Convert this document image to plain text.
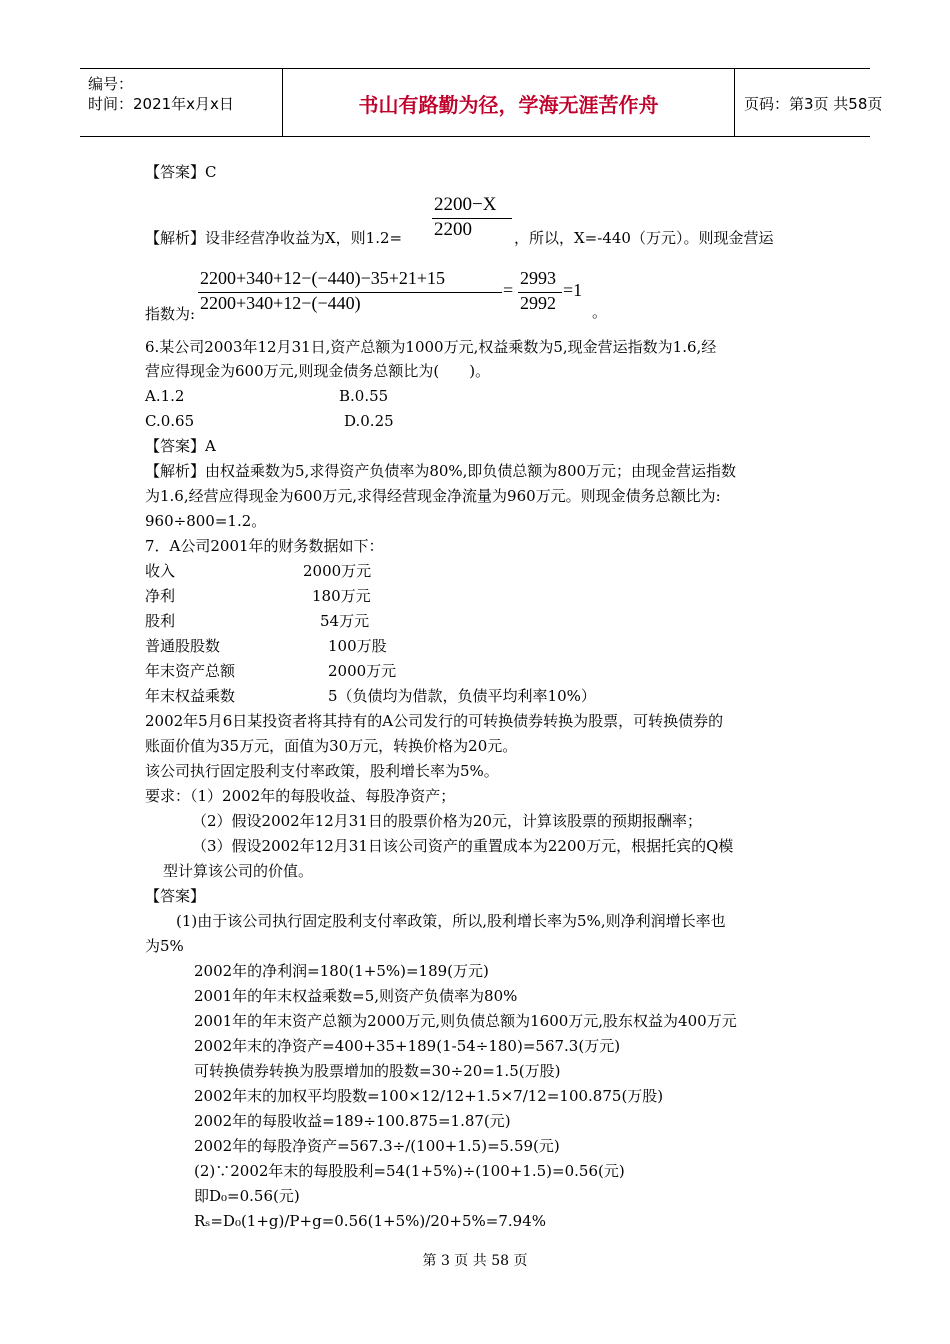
编号：
时间：2021年x月x日	书山有路勤为径，学海无涯苦作舟	页码：第3页 共58页
【答案】C
2200−X
2200
【解析】设非经营净收益为X，则1.2=	，所以，X=-440（万元）。则现金营运
2200+340+12−(−440)−35+21+15
2200+340+12−(−440)
=
2993
2992
=1
指数为:	。
6.某公司2003年12月31日,资产总额为1000万元,权益乘数为5,现金营运指数为1.6,经
营应得现金为600万元,则现金债务总额比为(　　)。
A.1.2	B.0.55
C.0.65	D.0.25
【答案】A
【解析】由权益乘数为5,求得资产负债率为80%,即负债总额为800万元；由现金营运指数
为1.6,经营应得现金为600万元,求得经营现金净流量为960万元。则现金债务总额比为:
960÷800=1.2。
7．A公司2001年的财务数据如下：
收入	2000万元
净利	180万元
股利	54万元
普通股股数	100万股
年末资产总额	2000万元
年末权益乘数	5（负债均为借款，负债平均利率10%）
2002年5月6日某投资者将其持有的A公司发行的可转换债券转换为股票，可转换债券的
账面价值为35万元，面值为30万元，转换价格为20元。
该公司执行固定股利支付率政策，股利增长率为5%。
要求：（1）2002年的每股收益、每股净资产；
（2）假设2002年12月31日的股票价格为20元，计算该股票的预期报酬率；
（3）假设2002年12月31日该公司资产的重置成本为2200万元，根据托宾的Q模
型计算该公司的价值。
【答案】
(1)由于该公司执行固定股利支付率政策，所以,股利增长率为5%,则净利润增长率也
为5%
2002年的净利润=180(1+5%)=189(万元)
2001年的年末权益乘数=5,则资产负债率为80%
2001年的年末资产总额为2000万元,则负债总额为1600万元,股东权益为400万元
2002年末的净资产=400+35+189(1-54÷180)=567.3(万元)
可转换债券转换为股票增加的股数=30÷20=1.5(万股)
2002年末的加权平均股数=100×12/12+1.5×7/12=100.875(万股)
2002年的每股收益=189÷100.875=1.87(元)
2002年的每股净资产=567.3÷/(100+1.5)=5.59(元)
(2)∵2002年末的每股股利=54(1+5%)÷(100+1.5)=0.56(元)
即D₀=0.56(元)
Rₛ=D₀(1+g)/P+g=0.56(1+5%)/20+5%=7.94%
第 3 页 共 58 页
